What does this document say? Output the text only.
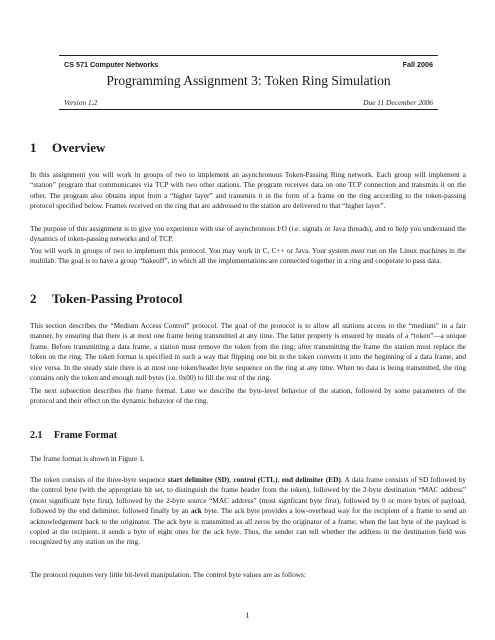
CS 571 Computer Networks	Fall 2006
Programming Assignment 3: Token Ring Simulation
Version 1.2	Due 11 December 2006
1 Overview

In this assignment you will work in groups of two to implement an asynchronous Token-Passing Ring network. Each group will implement a “station” program that communicates via TCP with two other stations. The program receives data on one TCP connection and transmits it on the other. The program also obtains input from a “higher layer” and transmits it in the form of a frame on the ring according to the token-passing protocol specified below. Frames received on the ring that are addressed to the station are delivered to that “higher layer”.

The purpose of this assignment is to give you experience with use of asynchronous I/O (i.e. signals or Java threads), and to help you understand the dynamics of token-passing networks and of TCP.

You will work in groups of two to implement this protocol. You may work in C, C++ or Java. Your system must run on the Linux machines in the multilab. The goal is to have a group “bakeoff”, in which all the implementations are connected together in a ring and cooperate to pass data.

2 Token-Passing Protocol

This section describes the “Medium Access Control” protocol. The goal of the protocol is to allow all stations access to the “medium” in a fair manner, by ensuring that there is at most one frame being transmitted at any time. The latter property is ensured by means of a “token”—a unique frame. Before transmitting a data frame, a station must remove the token from the ring; after transmitting the frame the station must replace the token on the ring. The token format is specified in such a way that flipping one bit in the token converts it into the beginning of a data frame, and vice versa. In the steady state there is at most one token/header byte sequence on the ring at any time. When no data is being transmitted, the ring contains only the token and enough null bytes (i.e. 0x00) to fill the rest of the ring.

The next subsection describes the frame format. Later we describe the byte-level behavior of the station, followed by some parameters of the protocol and their effect on the dynamic behavior of the ring.

2.1 Frame Format

The frame format is shown in Figure 1.

The token consists of the three-byte sequence start delimiter (SD), control (CTL), end delimiter (ED). A data frame consists of SD followed by the control byte (with the appropriate bit set, to distinguish the frame header from the token), followed by the 2-byte destination “MAC address” (most significant byte first), followed by the 2-byte source “MAC address” (most signficant byte first), followed by 0 or more bytes of payload, followed by the end delimiter, followed finally by an ack byte. The ack byte provides a low-overhead way for the recipient of a frame to send an acknowledgement back to the originator. The ack byte is transmitted as all zeros by the originator of a frame; when the last byte of the payload is copied at the recipient, it sends a byte of eight ones for the ack byte. Thus, the sender can tell whether the address in the destination field was recognized by any station on the ring.

The protocol requires very little bit-level manipulation. The control byte values are as follows:

1
